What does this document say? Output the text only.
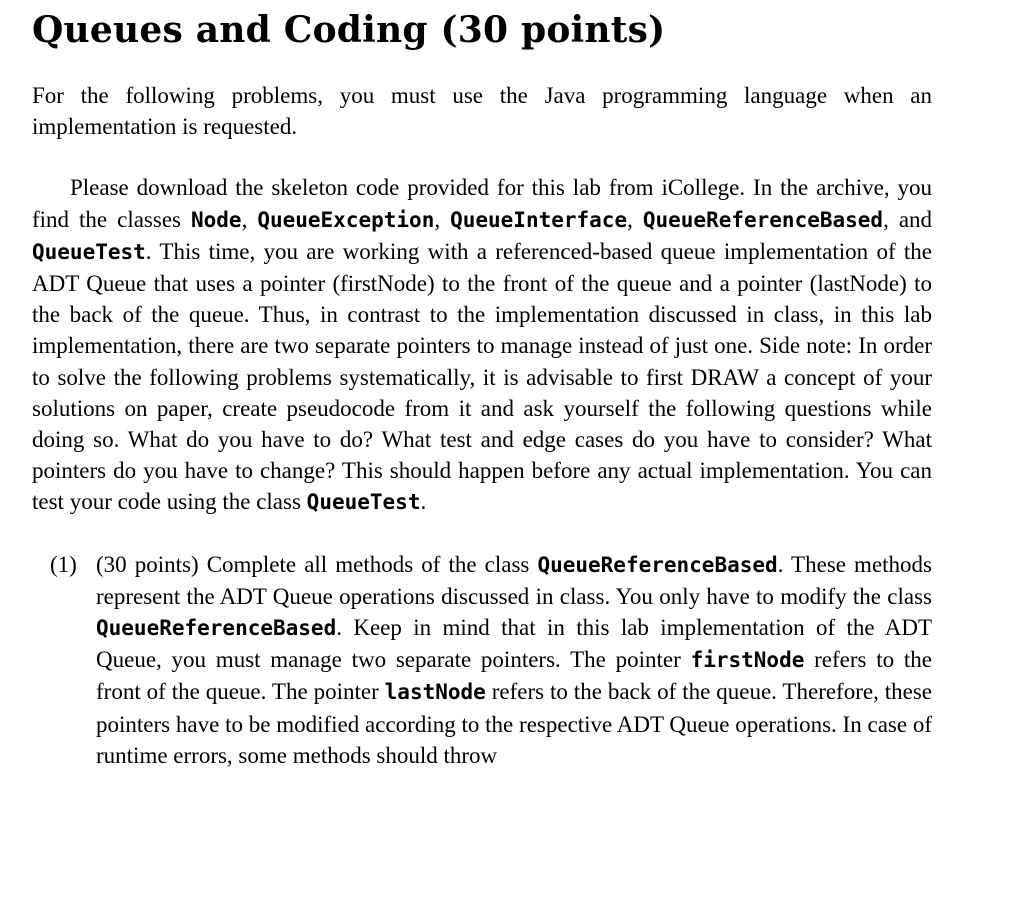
Queues and Coding (30 points)

For the following problems, you must use the Java programming language when an implementation is requested.

Please download the skeleton code provided for this lab from iCollege. In the archive, you find the classes Node, QueueException, QueueInterface, QueueReferenceBased, and QueueTest. This time, you are working with a referenced-based queue implementation of the ADT Queue that uses a pointer (firstNode) to the front of the queue and a pointer (lastNode) to the back of the queue. Thus, in contrast to the implementation discussed in class, in this lab implementation, there are two separate pointers to manage instead of just one. Side note: In order to solve the following problems systematically, it is advisable to first DRAW a concept of your solutions on paper, create pseudocode from it and ask yourself the following questions while doing so. What do you have to do? What test and edge cases do you have to consider? What pointers do you have to change? This should happen before any actual implementation. You can test your code using the class QueueTest.

(1) (30 points) Complete all methods of the class QueueReferenceBased. These methods represent the ADT Queue operations discussed in class. You only have to modify the class QueueReferenceBased. Keep in mind that in this lab implementation of the ADT Queue, you must manage two separate pointers. The pointer firstNode refers to the front of the queue. The pointer lastNode refers to the back of the queue. Therefore, these pointers have to be modified according to the respective ADT Queue operations. In case of runtime errors, some methods should throw
